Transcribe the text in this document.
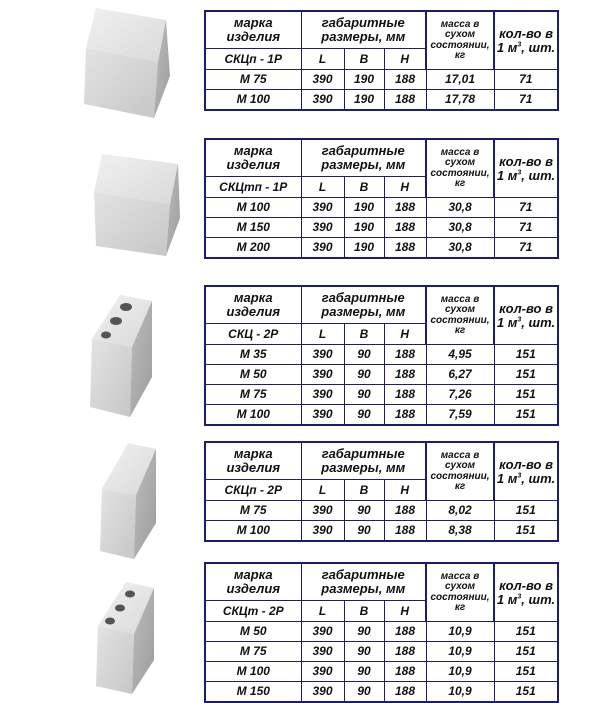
марка изделия	габаритные размеры, мм			масса в сухом состоянии, кг	кол-во в 1 $м^3$, шт.
СКЦп - 1Р	L	B	H		
М 75	390	190	188	17,01	71
М 100	390	190	188	17,78	71
марка изделия	габаритные размеры, мм			масса в сухом состоянии, кг	кол-во в 1 $м^3$, шт.
СКЦтп - 1Р	L	B	H		
М 100	390	190	188	30,8	71
М 150	390	190	188	30,8	71
М 200	390	190	188	30,8	71
марка изделия	габаритные размеры, мм			масса в сухом состоянии, кг	кол-во в 1 $м^3$, шт.
СКЦ - 2Р	L	B	H		
М 35	390	90	188	4,95	151
М 50	390	90	188	6,27	151
М 75	390	90	188	7,26	151
М 100	390	90	188	7,59	151
марка изделия	габаритные размеры, мм			масса в сухом состоянии, кг	кол-во в 1 $м^3$, шт.
СКЦп - 2Р	L	B	H		
М 75	390	90	188	8,02	151
М 100	390	90	188	8,38	151
марка изделия	габаритные размеры, мм			масса в сухом состоянии, кг	кол-во в 1 $м^3$, шт.
СКЦт - 2Р	L	B	H		
М 50	390	90	188	10,9	151
М 75	390	90	188	10,9	151
М 100	390	90	188	10,9	151
М 150	390	90	188	10,9	151
